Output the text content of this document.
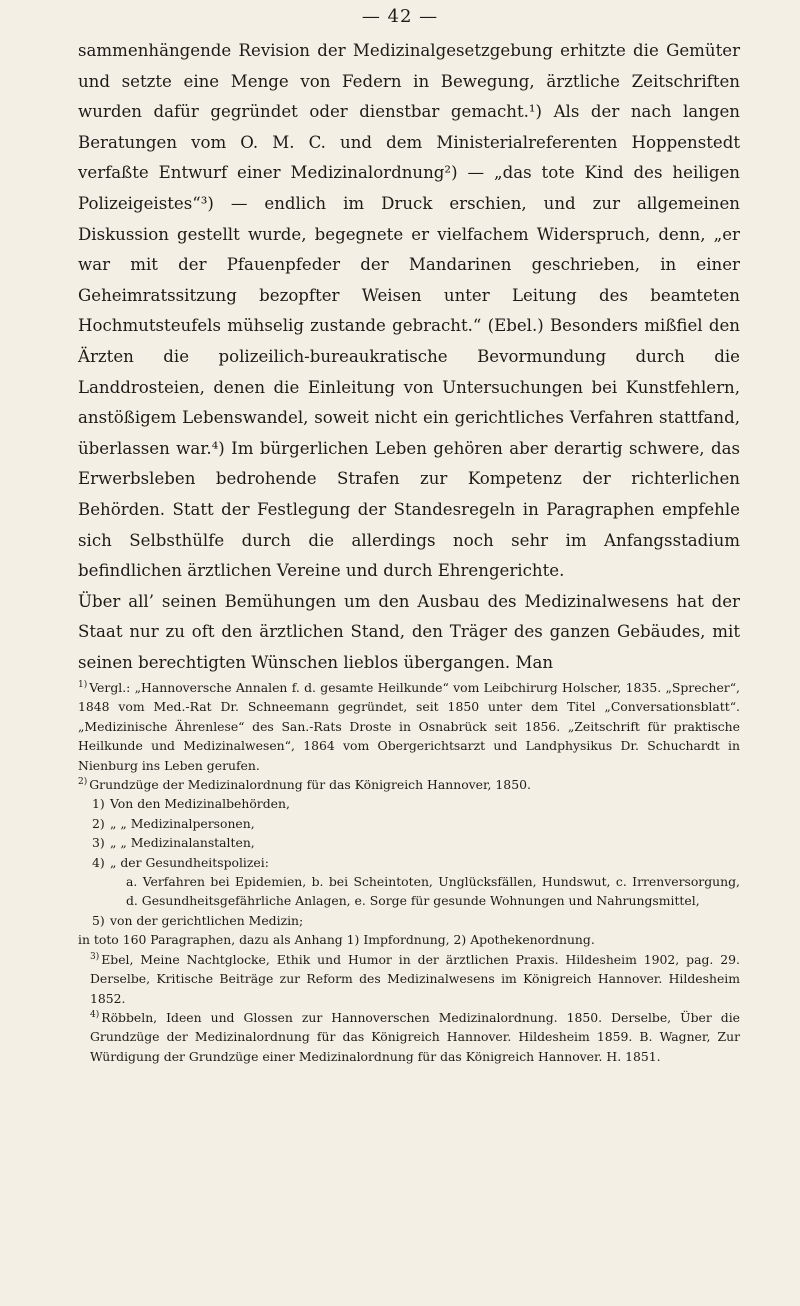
— 42 —

sammenhängende Revision der Medizinalgesetzgebung erhitzte die Gemüter und setzte eine Menge von Federn in Bewegung, ärztliche Zeitschriften wurden dafür gegründet oder dienstbar gemacht.¹) Als der nach langen Beratungen vom O. M. C. und dem Ministerialreferenten Hoppenstedt verfaßte Entwurf einer Medizinalordnung²) — „das tote Kind des heiligen Polizeigeistes“³) — endlich im Druck erschien, und zur allgemeinen Diskussion gestellt wurde, begegnete er vielfachem Widerspruch, denn, „er war mit der Pfauenpfeder der Mandarinen geschrieben, in einer Geheimratssitzung bezopfter Weisen unter Leitung des beamteten Hochmutsteufels mühselig zustande gebracht.“ (Ebel.) Besonders mißfiel den Ärzten die polizeilich-bureaukratische Bevormundung durch die Landdrosteien, denen die Einleitung von Untersuchungen bei Kunstfehlern, anstößigem Lebenswandel, soweit nicht ein gerichtliches Verfahren stattfand, überlassen war.⁴) Im bürgerlichen Leben gehören aber derartig schwere, das Erwerbsleben bedrohende Strafen zur Kompetenz der richterlichen Behörden. Statt der Festlegung der Standesregeln in Paragraphen empfehle sich Selbsthülfe durch die allerdings noch sehr im Anfangsstadium befindlichen ärztlichen Vereine und durch Ehrengerichte.

Über all’ seinen Bemühungen um den Ausbau des Medizinalwesens hat der Staat nur zu oft den ärztlichen Stand, den Träger des ganzen Gebäudes, mit seinen berechtigten Wünschen lieblos übergangen. Man

$^{1)}$ Vergl.: „Hannoversche Annalen f. d. gesamte Heilkunde“ vom Leibchirurg Holscher, 1835. „Sprecher“, 1848 vom Med.-Rat Dr. Schneemann gegründet, seit 1850 unter dem Titel „Conversationsblatt“. „Medizinische Ährenlese“ des San.-Rats Droste in Osnabrück seit 1856. „Zeitschrift für praktische Heilkunde und Medizinalwesen“, 1864 vom Obergerichtsarzt und Landphysikus Dr. Schuchardt in Nienburg ins Leben gerufen.

$^{2)}$ Grundzüge der Medizinalordnung für das Königreich Hannover, 1850.

1) Von den Medizinalbehörden,
2) „ „ Medizinalpersonen,
3) „ „ Medizinalanstalten,
4) „ der Gesundheitspolizei:

a. Verfahren bei Epidemien, b. bei Scheintoten, Unglücksfällen, Hundswut, c. Irrenversorgung, d. Gesundheitsgefährliche Anlagen, e. Sorge für gesunde Wohnungen und Nahrungsmittel,

5) von der gerichtlichen Medizin;

in toto 160 Paragraphen, dazu als Anhang 1) Impfordnung, 2) Apothekenordnung.

$^{3)}$ Ebel, Meine Nachtglocke, Ethik und Humor in der ärztlichen Praxis. Hildesheim 1902, pag. 29. Derselbe, Kritische Beiträge zur Reform des Medizinalwesens im Königreich Hannover. Hildesheim 1852.

$^{4)}$ Röbbeln, Ideen und Glossen zur Hannoverschen Medizinalordnung. 1850. Derselbe, Über die Grundzüge der Medizinalordnung für das Königreich Hannover. Hildesheim 1859. B. Wagner, Zur Würdigung der Grundzüge einer Medizinalordnung für das Königreich Hannover. H. 1851.
